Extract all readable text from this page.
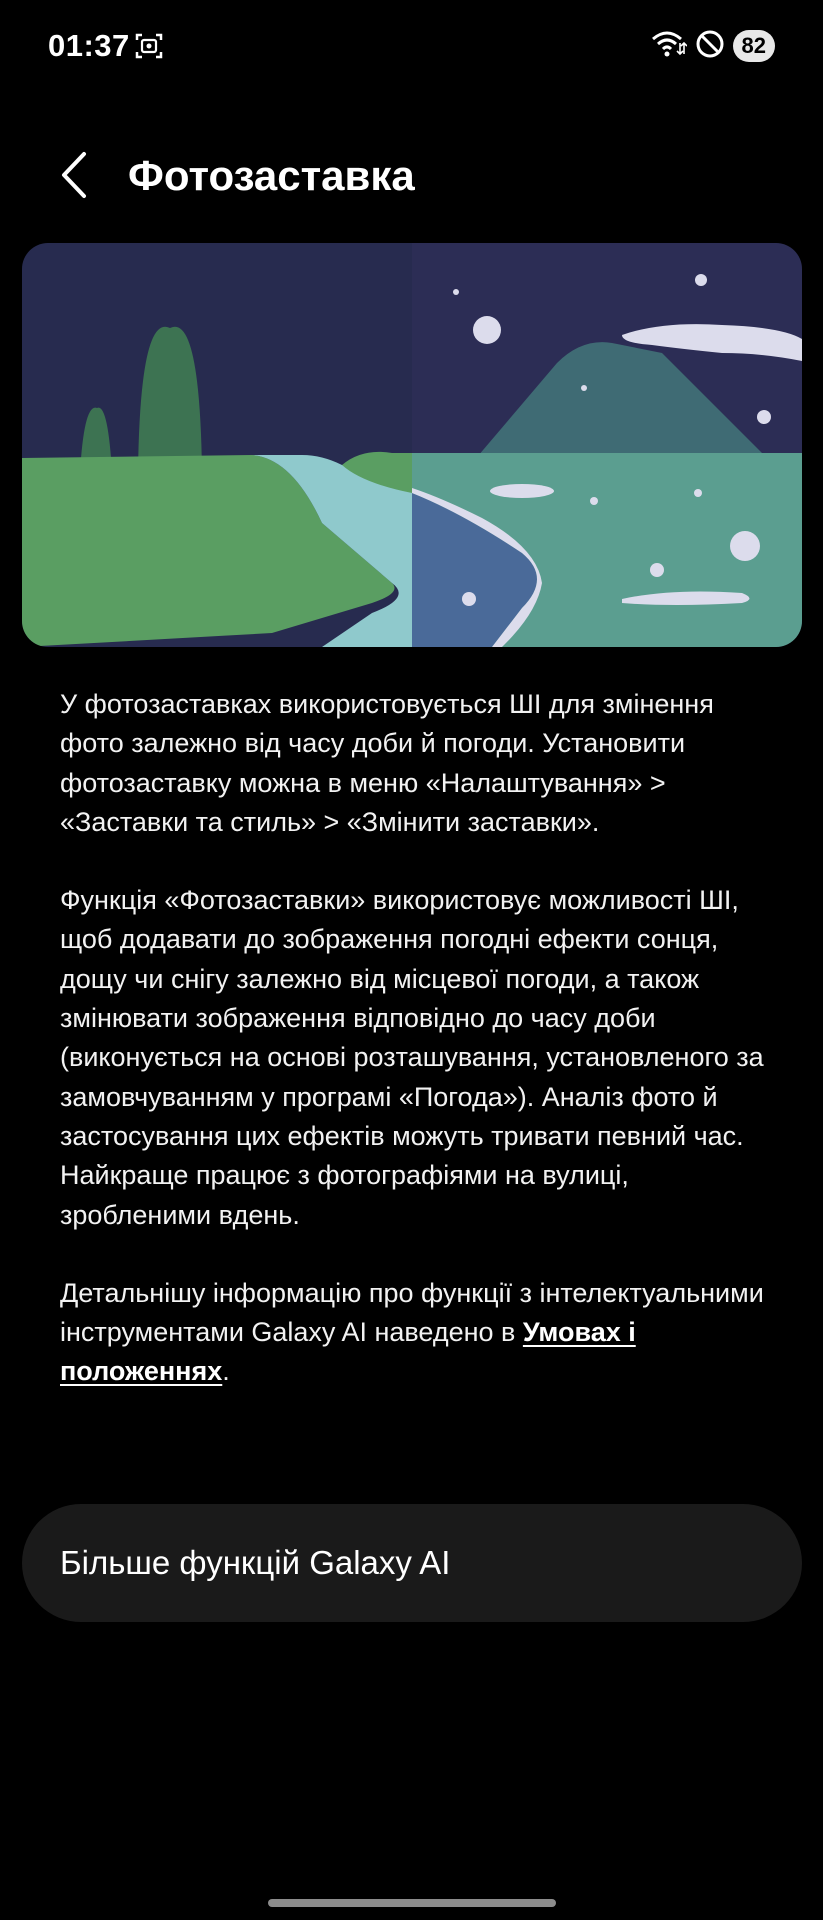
01:37	82
Фотозаставка

У фотозаставках використовується ШІ для змінення фото залежно від часу доби й погоди. Установити фотозаставку можна в меню «Налаштування» > «Заставки та стиль» > «Змінити заставки».

Функція «Фотозаставки» використовує можливості ШІ, щоб додавати до зображення погодні ефекти сонця, дощу чи снігу залежно від місцевої погоди, а також змінювати зображення відповідно до часу доби (виконується на основі розташування, установленого за замовчуванням у програмі «Погода»). Аналіз фото й застосування цих ефектів можуть тривати певний час. Найкраще працює з фотографіями на вулиці, зробленими вдень.

Детальнішу інформацію про функції з інтелектуальними інструментами Galaxy AI наведено в Умовах і положеннях.

Більше функцій Galaxy AI
